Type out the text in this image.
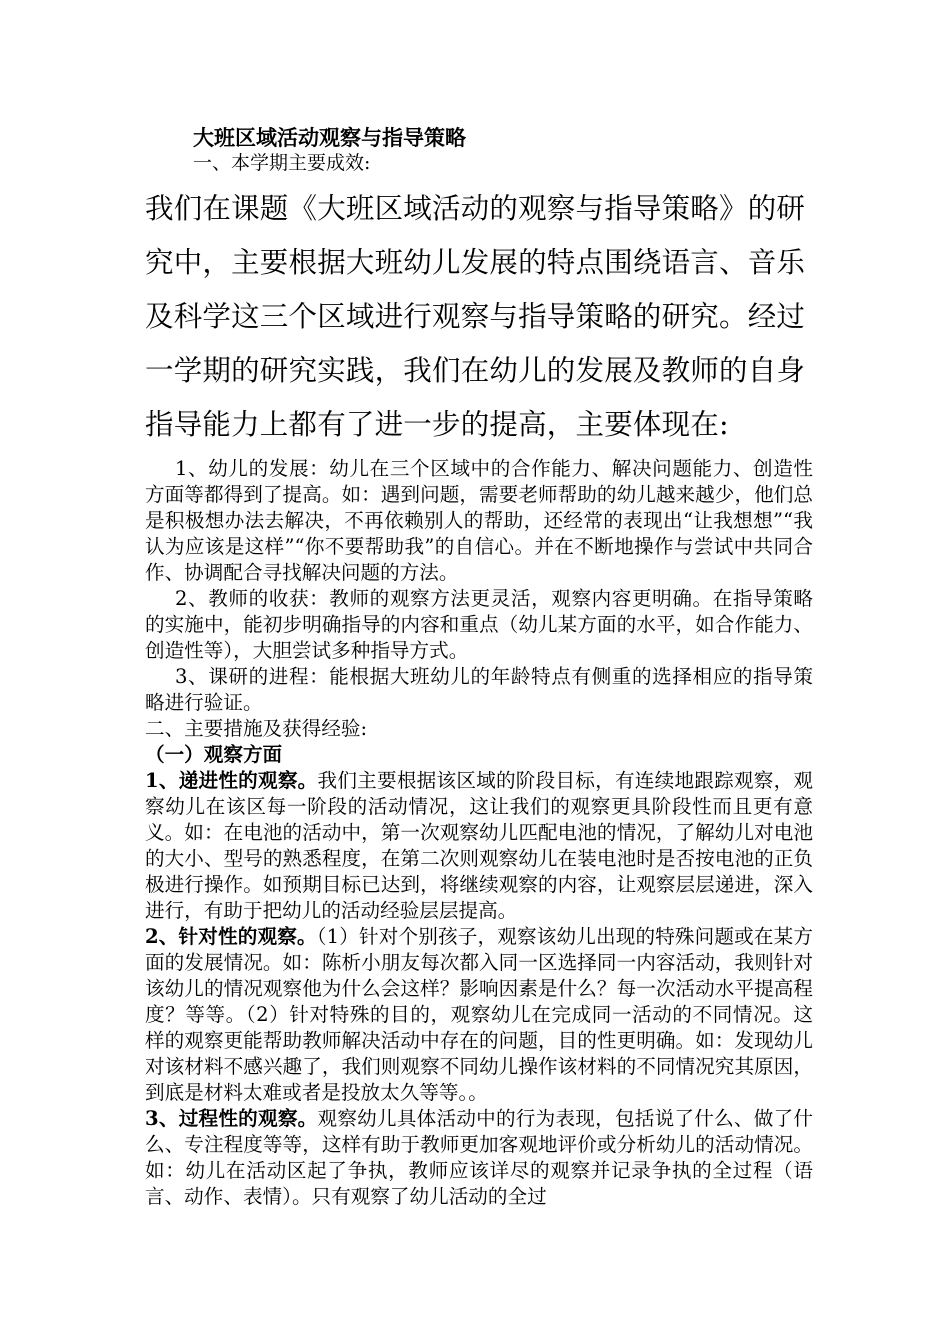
大班区域活动观察与指导策略
一、本学期主要成效:
我们在课题《大班区域活动的观察与指导策略》的研究中，主要根据大班幼儿发展的特点围绕语言、音乐及科学这三个区域进行观察与指导策略的研究。经过一学期的研究实践，我们在幼儿的发展及教师的自身指导能力上都有了进一步的提高，主要体现在:

1、幼儿的发展：幼儿在三个区域中的合作能力、解决问题能力、创造性方面等都得到了提高。如：遇到问题，需要老师帮助的幼儿越来越少，他们总是积极想办法去解决，不再依赖别人的帮助，还经常的表现出“让我想想”“我认为应该是这样”“你不要帮助我”的自信心。并在不断地操作与尝试中共同合作、协调配合寻找解决问题的方法。

2、教师的收获：教师的观察方法更灵活，观察内容更明确。在指导策略的实施中，能初步明确指导的内容和重点（幼儿某方面的水平，如合作能力、创造性等），大胆尝试多种指导方式。

3、课研的进程：能根据大班幼儿的年龄特点有侧重的选择相应的指导策略进行验证。

二、主要措施及获得经验:

（一）观察方面

1、递进性的观察。我们主要根据该区域的阶段目标，有连续地跟踪观察，观察幼儿在该区每一阶段的活动情况，这让我们的观察更具阶段性而且更有意义。如：在电池的活动中，第一次观察幼儿匹配电池的情况，了解幼儿对电池的大小、型号的熟悉程度，在第二次则观察幼儿在装电池时是否按电池的正负极进行操作。如预期目标已达到，将继续观察的内容，让观察层层递进，深入进行，有助于把幼儿的活动经验层层提高。

2、针对性的观察。（1）针对个别孩子，观察该幼儿出现的特殊问题或在某方面的发展情况。如：陈析小朋友每次都入同一区选择同一内容活动，我则针对该幼儿的情况观察他为什么会这样？影响因素是什么？每一次活动水平提高程度？等等。（2）针对特殊的目的，观察幼儿在完成同一活动的不同情况。这样的观察更能帮助教师解决活动中存在的问题，目的性更明确。如：发现幼儿对该材料不感兴趣了，我们则观察不同幼儿操作该材料的不同情况究其原因，到底是材料太难或者是投放太久等等。。

3、过程性的观察。观察幼儿具体活动中的行为表现，包括说了什么、做了什么、专注程度等等，这样有助于教师更加客观地评价或分析幼儿的活动情况。如：幼儿在活动区起了争执，教师应该详尽的观察并记录争执的全过程（语言、动作、表情）。只有观察了幼儿活动的全过
